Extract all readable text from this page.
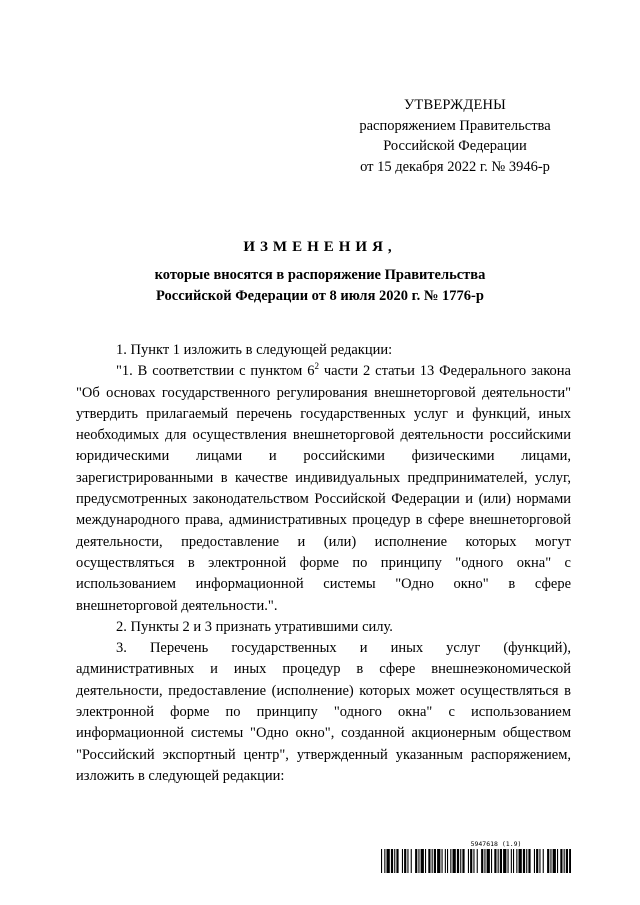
УТВЕРЖДЕНЫ
распоряжением Правительства
Российской Федерации
от 15 декабря 2022 г. № 3946-р
ИЗМЕНЕНИЯ,
которые вносятся в распоряжение Правительства
Российской Федерации от 8 июля 2020 г. № 1776-р

1. Пункт 1 изложить в следующей редакции:

"1. В соответствии с пунктом $6^2$ части 2 статьи 13 Федерального закона "Об основах государственного регулирования внешнеторговой деятельности" утвердить прилагаемый перечень государственных услуг и функций, иных необходимых для осуществления внешнеторговой деятельности российскими юридическими лицами и российскими физическими лицами, зарегистрированными в качестве индивидуальных предпринимателей, услуг, предусмотренных законодательством Российской Федерации и (или) нормами международного права, административных процедур в сфере внешнеторговой деятельности, предоставление и (или) исполнение которых могут осуществляться в электронной форме по принципу "одного окна" с использованием информационной системы "Одно окно" в сфере внешнеторговой деятельности.".

2. Пункты 2 и 3 признать утратившими силу.

3. Перечень государственных и иных услуг (функций), административных и иных процедур в сфере внешнеэкономической деятельности, предоставление (исполнение) которых может осуществляться в электронной форме по принципу "одного окна" с использованием информационной системы "Одно окно", созданной акционерным обществом "Российский экспортный центр", утвержденный указанным распоряжением, изложить в следующей редакции:

5947618 (1.9)
